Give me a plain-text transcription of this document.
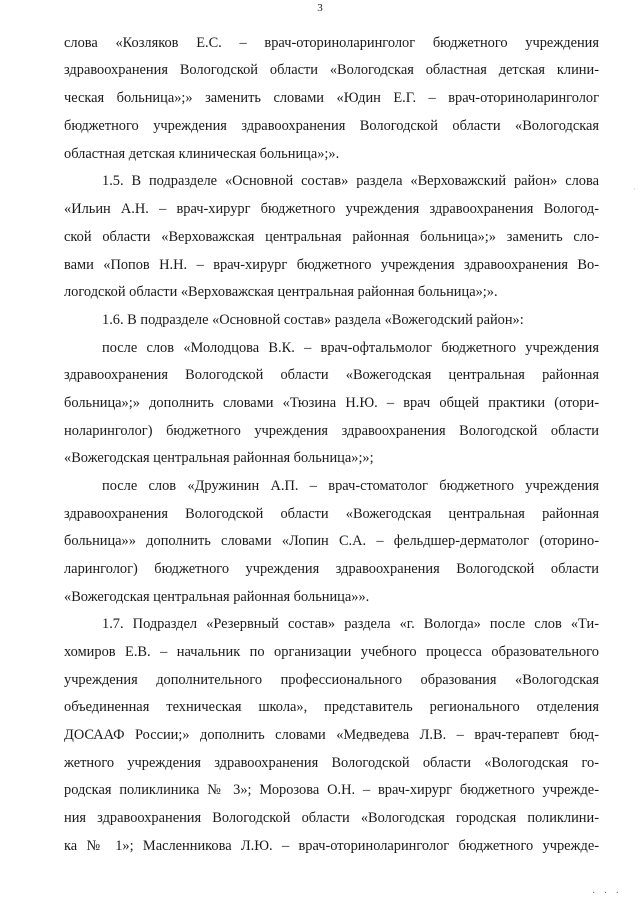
3
слова «Козляков Е.С. – врач-оториноларинголог бюджетного учреждения
здравоохранения Вологодской области «Вологодская областная детская клини-
ческая больница»;» заменить словами «Юдин Е.Г. – врач-оториноларинголог
бюджетного учреждения здравоохранения Вологодской области «Вологодская
областная детская клиническая больница»;».
1.5. В подразделе «Основной состав» раздела «Верховажский район» слова
«Ильин А.Н. – врач-хирург бюджетного учреждения здравоохранения Вологод-
ской области «Верховажская центральная районная больница»;» заменить сло-
вами «Попов Н.Н. – врач-хирург бюджетного учреждения здравоохранения Во-
логодской области «Верховажская центральная районная больница»;».
1.6. В подразделе «Основной состав» раздела «Вожегодский район»:
после слов «Молодцова В.К. – врач-офтальмолог бюджетного учреждения
здравоохранения Вологодской области «Вожегодская центральная районная
больница»;» дополнить словами «Тюзина Н.Ю. – врач общей практики (отори-
ноларинголог) бюджетного учреждения здравоохранения Вологодской области
«Вожегодская центральная районная больница»;»;
после слов «Дружинин А.П. – врач-стоматолог бюджетного учреждения
здравоохранения Вологодской области «Вожегодская центральная районная
больница»» дополнить словами «Лопин С.А. – фельдшер-дерматолог (оторино-
ларинголог) бюджетного учреждения здравоохранения Вологодской области
«Вожегодская центральная районная больница»».
1.7. Подраздел «Резервный состав» раздела «г. Вологда» после слов «Ти-
хомиров Е.В. – начальник по организации учебного процесса образовательного
учреждения дополнительного профессионального образования «Вологодская
объединенная техническая школа», представитель регионального отделения
ДОСААФ России;» дополнить словами «Медведева Л.В. – врач-терапевт бюд-
жетного учреждения здравоохранения Вологодской области «Вологодская го-
родская поликлиника № 3»; Морозова О.Н. – врач-хирург бюджетного учрежде-
ния здравоохранения Вологодской области «Вологодская городская поликлини-
ка № 1»; Масленникова Л.Ю. – врач-оториноларинголог бюджетного учрежде-
·
· · ·
